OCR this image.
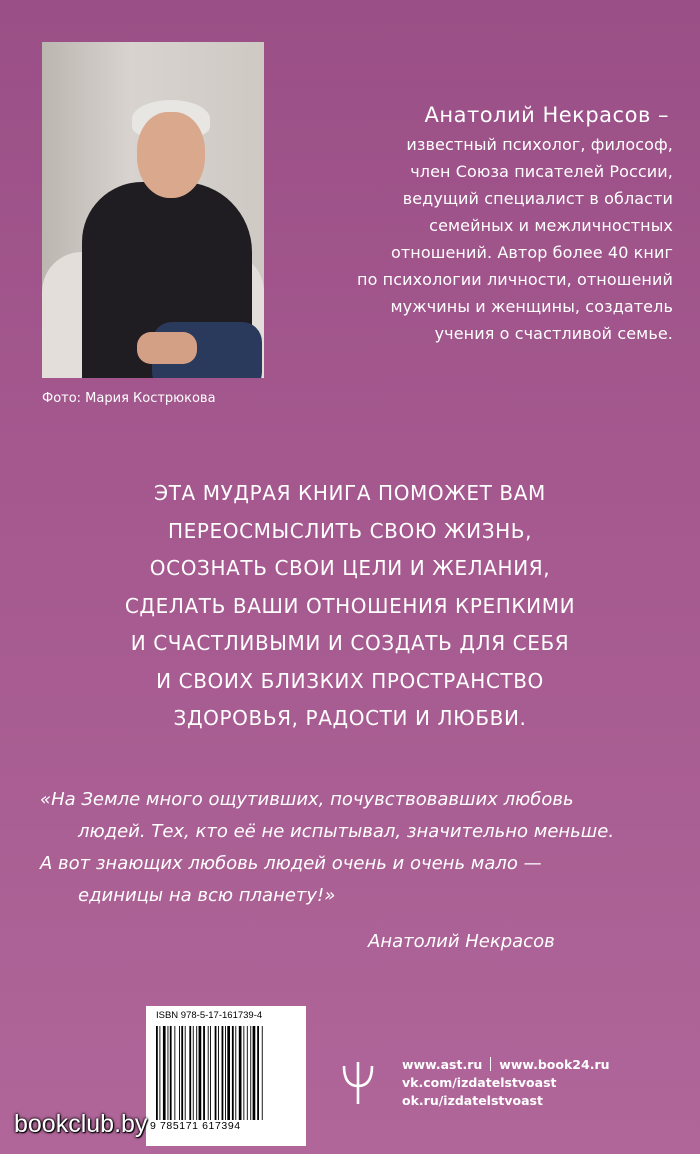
Фото: Мария Кострюкова
Анатолий Некрасов –
известный психолог, философ,
член Союза писателей России,
ведущий специалист в области
семейных и межличностных
отношений. Автор более 40 книг
по психологии личности, отношений
мужчины и женщины, создатель
учения о счастливой семье.
ЭТА МУДРАЯ КНИГА ПОМОЖЕТ ВАМ
ПЕРЕОСМЫСЛИТЬ СВОЮ ЖИЗНЬ,
ОСОЗНАТЬ СВОИ ЦЕЛИ И ЖЕЛАНИЯ,
СДЕЛАТЬ ВАШИ ОТНОШЕНИЯ КРЕПКИМИ
И СЧАСТЛИВЫМИ И СОЗДАТЬ ДЛЯ СЕБЯ
И СВОИХ БЛИЗКИХ ПРОСТРАНСТВО
ЗДОРОВЬЯ, РАДОСТИ И ЛЮБВИ.
«На Земле много ощутивших, почувствовавших любовь
людей. Тех, кто её не испытывал, значительно меньше.
А вот знающих любовь людей очень и очень мало —
единицы на всю планету!»
Анатолий Некрасов
ISBN 978-5-17-161739-4
9 785171 617394
www.ast.ru www.book24.ru
vk.com/izdatelstvoast
ok.ru/izdatelstvoast
bookclub.by
